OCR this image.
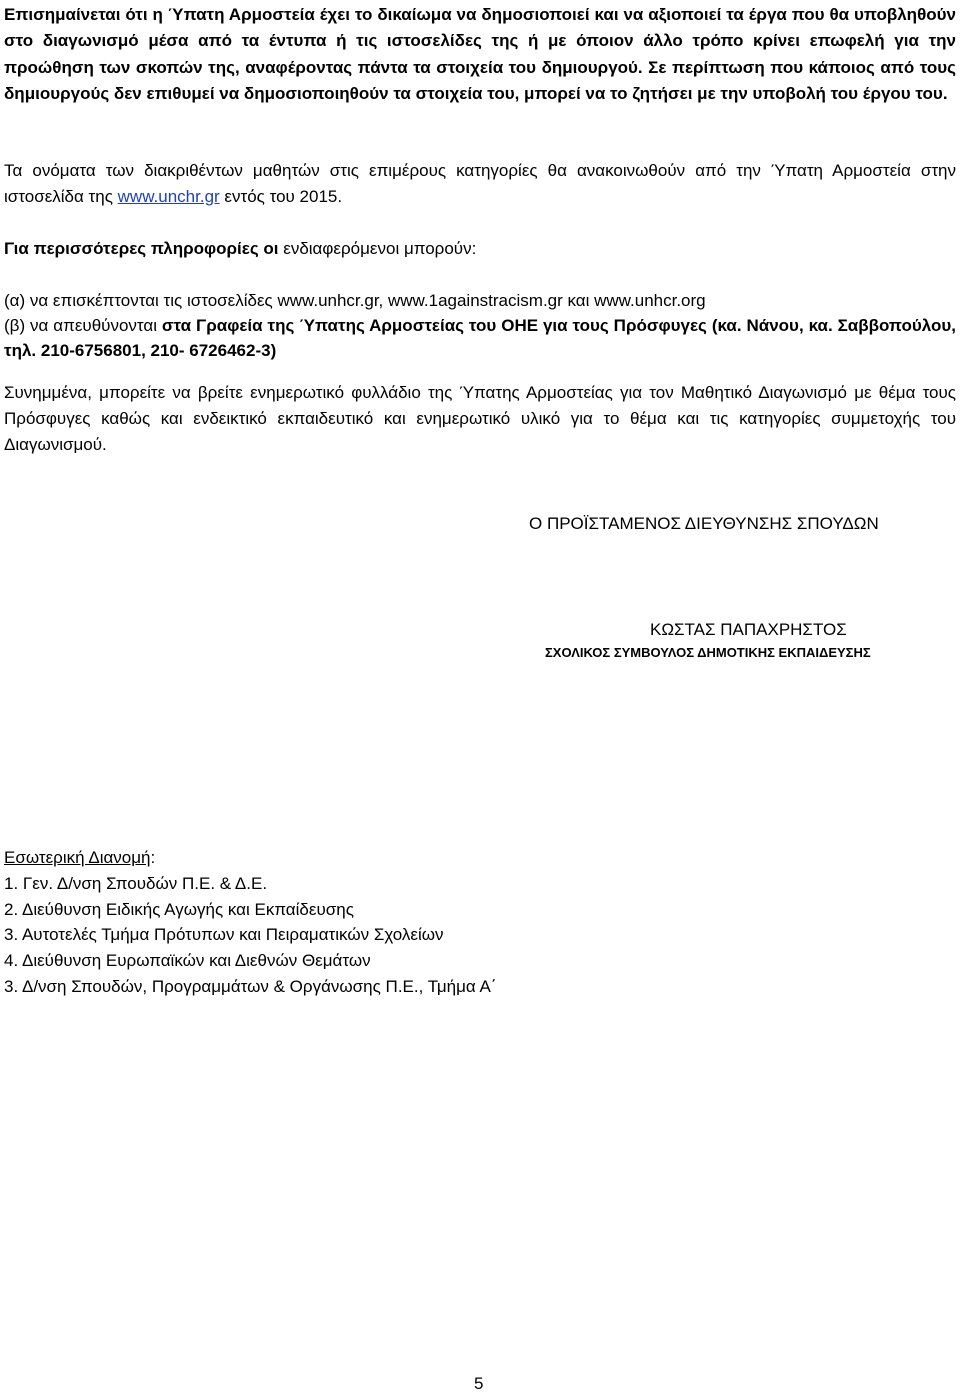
Επισημαίνεται ότι η Ύπατη Αρμοστεία έχει το δικαίωμα να δημοσιοποιεί και να αξιοποιεί τα έργα που θα υποβληθούν στο διαγωνισμό μέσα από τα έντυπα ή τις ιστοσελίδες της ή με όποιον άλλο τρόπο κρίνει επωφελή για την προώθηση των σκοπών της, αναφέροντας πάντα τα στοιχεία του δημιουργού. Σε περίπτωση που κάποιος από τους δημιουργούς δεν επιθυμεί να δημοσιοποιηθούν τα στοιχεία του, μπορεί να το ζητήσει με την υποβολή του έργου του.

Τα ονόματα των διακριθέντων μαθητών στις επιμέρους κατηγορίες θα ανακοινωθούν από την Ύπατη Αρμοστεία στην ιστοσελίδα της www.unchr.gr εντός του 2015.

Για περισσότερες πληροφορίες οι ενδιαφερόμενοι μπορούν:

(α) να επισκέπτονται τις ιστοσελίδες www.unhcr.gr, www.1againstracism.gr και www.unhcr.org
(β) να απευθύνονται στα Γραφεία της Ύπατης Αρμοστείας του ΟΗΕ για τους Πρόσφυγες (κα. Νάνου, κα. Σαββοπούλου, τηλ. 210-6756801, 210- 6726462-3)

Συνημμένα, μπορείτε να βρείτε ενημερωτικό φυλλάδιο της Ύπατης Αρμοστείας για τον Μαθητικό Διαγωνισμό με θέμα τους Πρόσφυγες καθώς και ενδεικτικό εκπαιδευτικό και ενημερωτικό υλικό για το θέμα και τις κατηγορίες συμμετοχής του Διαγωνισμού.

Ο ΠΡΟΪΣΤΑΜΕΝΟΣ ΔΙΕΥΘΥΝΣΗΣ ΣΠΟΥΔΩΝ

ΚΩΣΤΑΣ ΠΑΠΑΧΡΗΣΤΟΣ

ΣΧΟΛΙΚΟΣ ΣΥΜΒΟΥΛΟΣ ΔΗΜΟΤΙΚΗΣ ΕΚΠΑΙΔΕΥΣΗΣ

Εσωτερική Διανομή:
1. Γεν. Δ/νση Σπουδών Π.Ε. & Δ.Ε.
2. Διεύθυνση Ειδικής Αγωγής και Εκπαίδευσης
3. Αυτοτελές Τμήμα Πρότυπων και Πειραματικών Σχολείων
4. Διεύθυνση Ευρωπαϊκών και Διεθνών Θεμάτων
3. Δ/νση Σπουδών, Προγραμμάτων & Οργάνωσης Π.Ε., Τμήμα Α΄

5
